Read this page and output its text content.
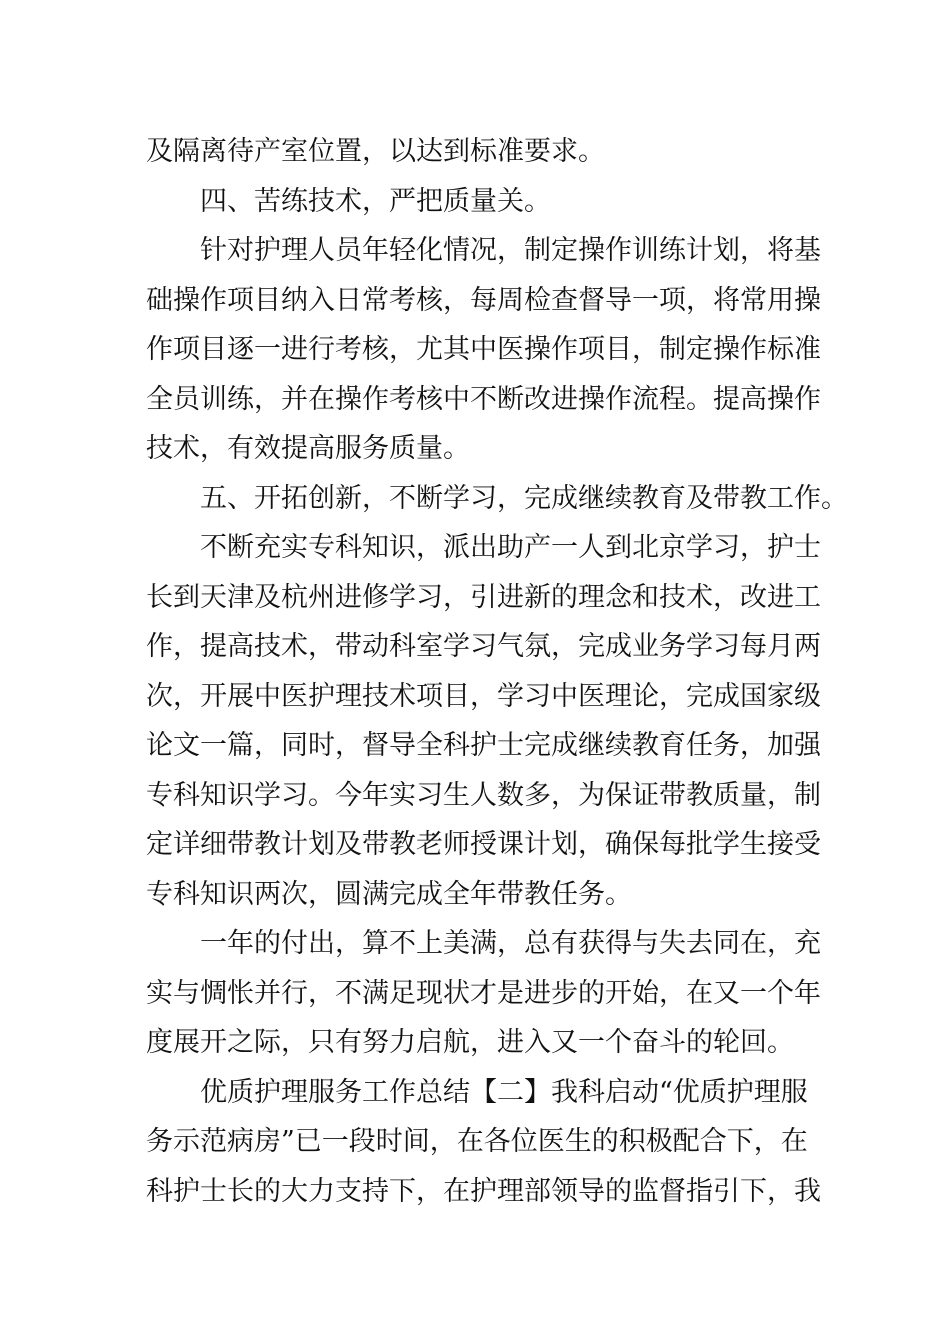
及隔离待产室位置，以达到标准要求。
四、苦练技术，严把质量关。
针对护理人员年轻化情况，制定操作训练计划，将基
础操作项目纳入日常考核，每周检查督导一项，将常用操
作项目逐一进行考核，尤其中医操作项目，制定操作标准
全员训练，并在操作考核中不断改进操作流程。提高操作
技术，有效提高服务质量。
五、开拓创新，不断学习，完成继续教育及带教工作。
不断充实专科知识，派出助产一人到北京学习，护士
长到天津及杭州进修学习，引进新的理念和技术，改进工
作，提高技术，带动科室学习气氛，完成业务学习每月两
次，开展中医护理技术项目，学习中医理论，完成国家级
论文一篇，同时，督导全科护士完成继续教育任务，加强
专科知识学习。今年实习生人数多，为保证带教质量，制
定详细带教计划及带教老师授课计划，确保每批学生接受
专科知识两次，圆满完成全年带教任务。
一年的付出，算不上美满，总有获得与失去同在，充
实与惆怅并行，不满足现状才是进步的开始，在又一个年
度展开之际，只有努力启航，进入又一个奋斗的轮回。
优质护理服务工作总结【二】我科启动“优质护理服
务示范病房”已一段时间，在各位医生的积极配合下，在
科护士长的大力支持下，在护理部领导的监督指引下，我
